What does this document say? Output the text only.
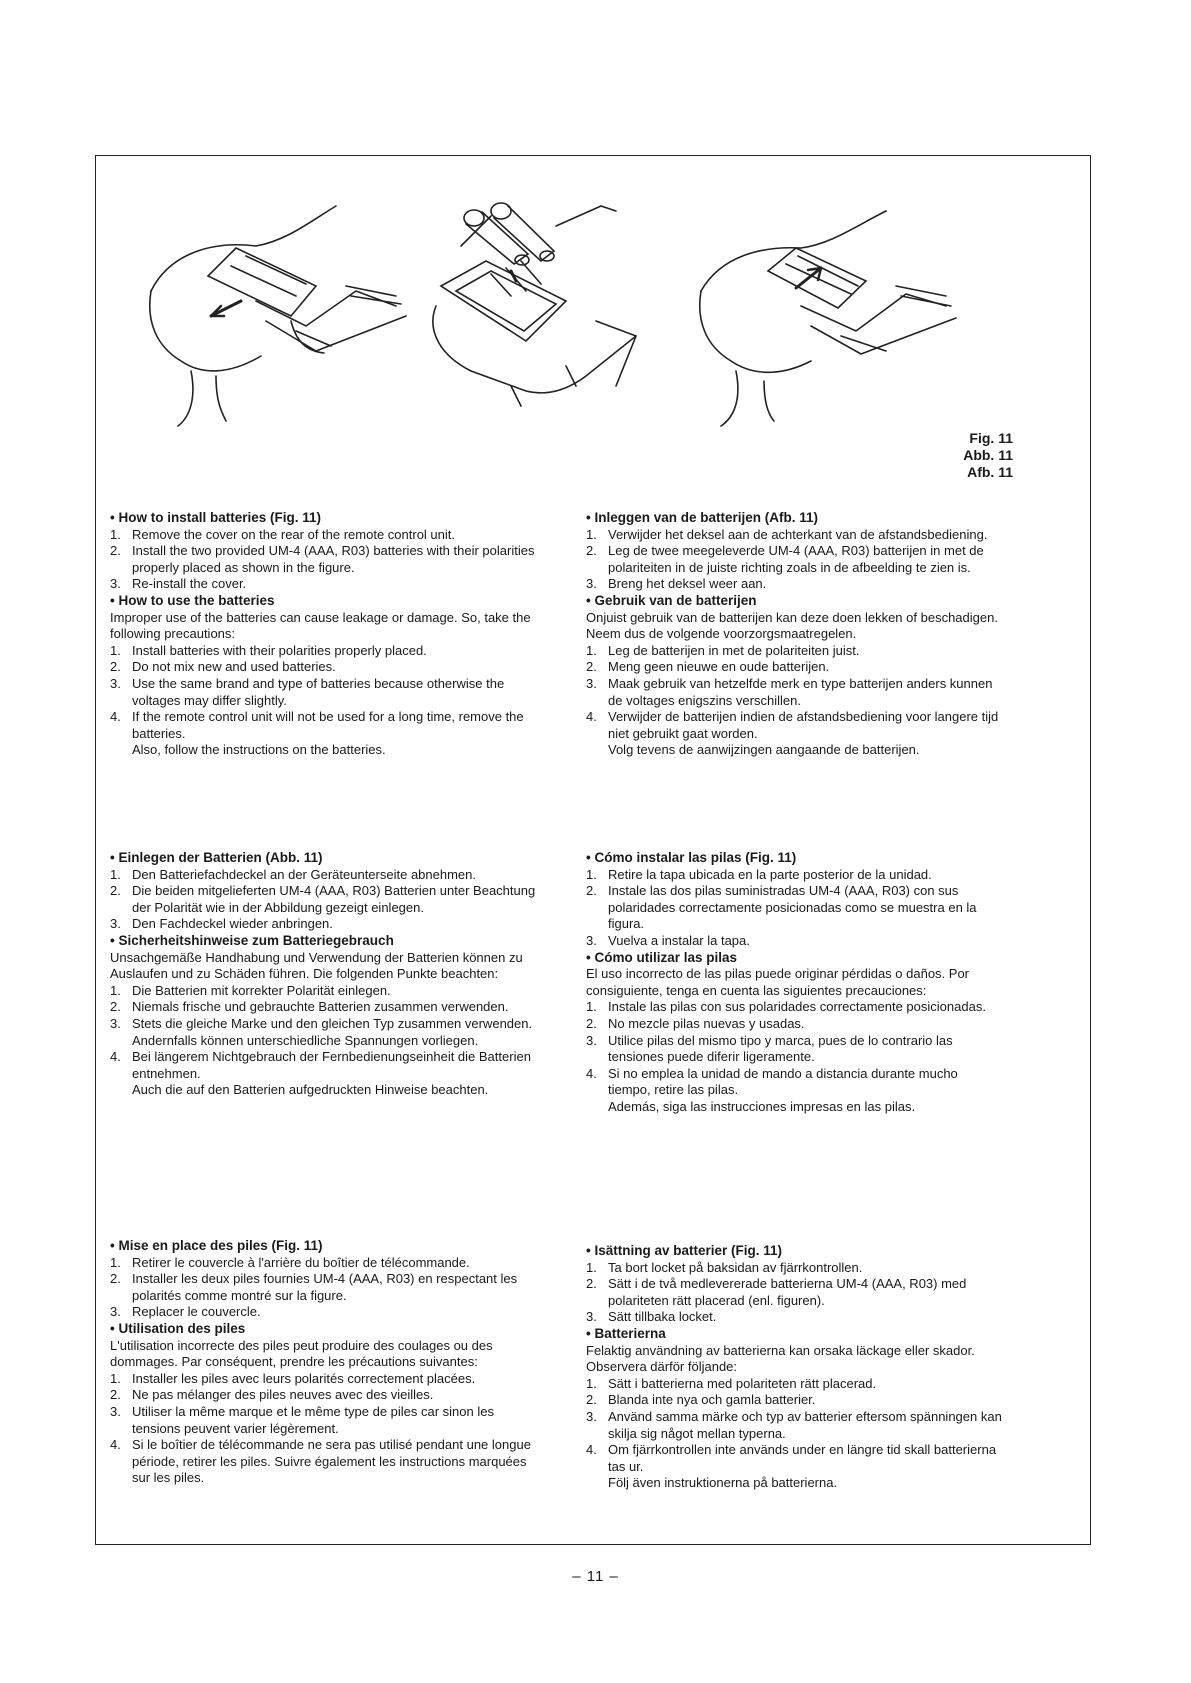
Fig. 11
Abb. 11
Afb. 11
• How to install batteries (Fig. 11)
1. Remove the cover on the rear of the remote control unit.
2. Install the two provided UM-4 (AAA, R03) batteries with their polarities properly placed as shown in the figure.
3. Re-install the cover.
• How to use the batteries

Improper use of the batteries can cause leakage or damage. So, take the following precautions:

1. Install batteries with their polarities properly placed.
2. Do not mix new and used batteries.
3. Use the same brand and type of batteries because otherwise the voltages may differ slightly.
4. If the remote control unit will not be used for a long time, remove the batteries.

Also, follow the instructions on the batteries.

• Inleggen van de batterijen (Afb. 11)
1. Verwijder het deksel aan de achterkant van de afstandsbediening.
2. Leg de twee meegeleverde UM-4 (AAA, R03) batterijen in met de polariteiten in de juiste richting zoals in de afbeelding te zien is.
3. Breng het deksel weer aan.
• Gebruik van de batterijen

Onjuist gebruik van de batterijen kan deze doen lekken of beschadigen. Neem dus de volgende voorzorgsmaatregelen.

1. Leg de batterijen in met de polariteiten juist.
2. Meng geen nieuwe en oude batterijen.
3. Maak gebruik van hetzelfde merk en type batterijen anders kunnen de voltages enigszins verschillen.
4. Verwijder de batterijen indien de afstandsbediening voor langere tijd niet gebruikt gaat worden.

Volg tevens de aanwijzingen aangaande de batterijen.

• Einlegen der Batterien (Abb. 11)
1. Den Batteriefachdeckel an der Geräteunterseite abnehmen.
2. Die beiden mitgelieferten UM-4 (AAA, R03) Batterien unter Beachtung der Polarität wie in der Abbildung gezeigt einlegen.
3. Den Fachdeckel wieder anbringen.
• Sicherheitshinweise zum Batteriegebrauch

Unsachgemäße Handhabung und Verwendung der Batterien können zu Auslaufen und zu Schäden führen. Die folgenden Punkte beachten:

1. Die Batterien mit korrekter Polarität einlegen.
2. Niemals frische und gebrauchte Batterien zusammen verwenden.
3. Stets die gleiche Marke und den gleichen Typ zusammen verwenden. Andernfalls können unterschiedliche Spannungen vorliegen.
4. Bei längerem Nichtgebrauch der Fernbedienungseinheit die Batterien entnehmen.

Auch die auf den Batterien aufgedruckten Hinweise beachten.

• Cómo instalar las pilas (Fig. 11)
1. Retire la tapa ubicada en la parte posterior de la unidad.
2. Instale las dos pilas suministradas UM-4 (AAA, R03) con sus polaridades correctamente posicionadas como se muestra en la figura.
3. Vuelva a instalar la tapa.
• Cómo utilizar las pilas

El uso incorrecto de las pilas puede originar pérdidas o daños. Por consiguiente, tenga en cuenta las siguientes precauciones:

1. Instale las pilas con sus polaridades correctamente posicionadas.
2. No mezcle pilas nuevas y usadas.
3. Utilice pilas del mismo tipo y marca, pues de lo contrario las tensiones puede diferir ligeramente.
4. Si no emplea la unidad de mando a distancia durante mucho tiempo, retire las pilas.

Además, siga las instrucciones impresas en las pilas.

• Mise en place des piles (Fig. 11)
1. Retirer le couvercle à l'arrière du boîtier de télécommande.
2. Installer les deux piles fournies UM-4 (AAA, R03) en respectant les polarités comme montré sur la figure.
3. Replacer le couvercle.
• Utilisation des piles

L'utilisation incorrecte des piles peut produire des coulages ou des dommages. Par conséquent, prendre les précautions suivantes:

1. Installer les piles avec leurs polarités correctement placées.
2. Ne pas mélanger des piles neuves avec des vieilles.
3. Utiliser la même marque et le même type de piles car sinon les tensions peuvent varier légèrement.
4. Si le boîtier de télécommande ne sera pas utilisé pendant une longue période, retirer les piles. Suivre également les instructions marquées sur les piles.
• Isättning av batterier (Fig. 11)
1. Ta bort locket på baksidan av fjärrkontrollen.
2. Sätt i de två medlevererade batterierna UM-4 (AAA, R03) med polariteten rätt placerad (enl. figuren).
3. Sätt tillbaka locket.
• Batterierna

Felaktig användning av batterierna kan orsaka läckage eller skador. Observera därför följande:

1. Sätt i batterierna med polariteten rätt placerad.
2. Blanda inte nya och gamla batterier.
3. Använd samma märke och typ av batterier eftersom spänningen kan skilja sig något mellan typerna.
4. Om fjärrkontrollen inte används under en längre tid skall batterierna tas ur.

Följ även instruktionerna på batterierna.

– 11 –
